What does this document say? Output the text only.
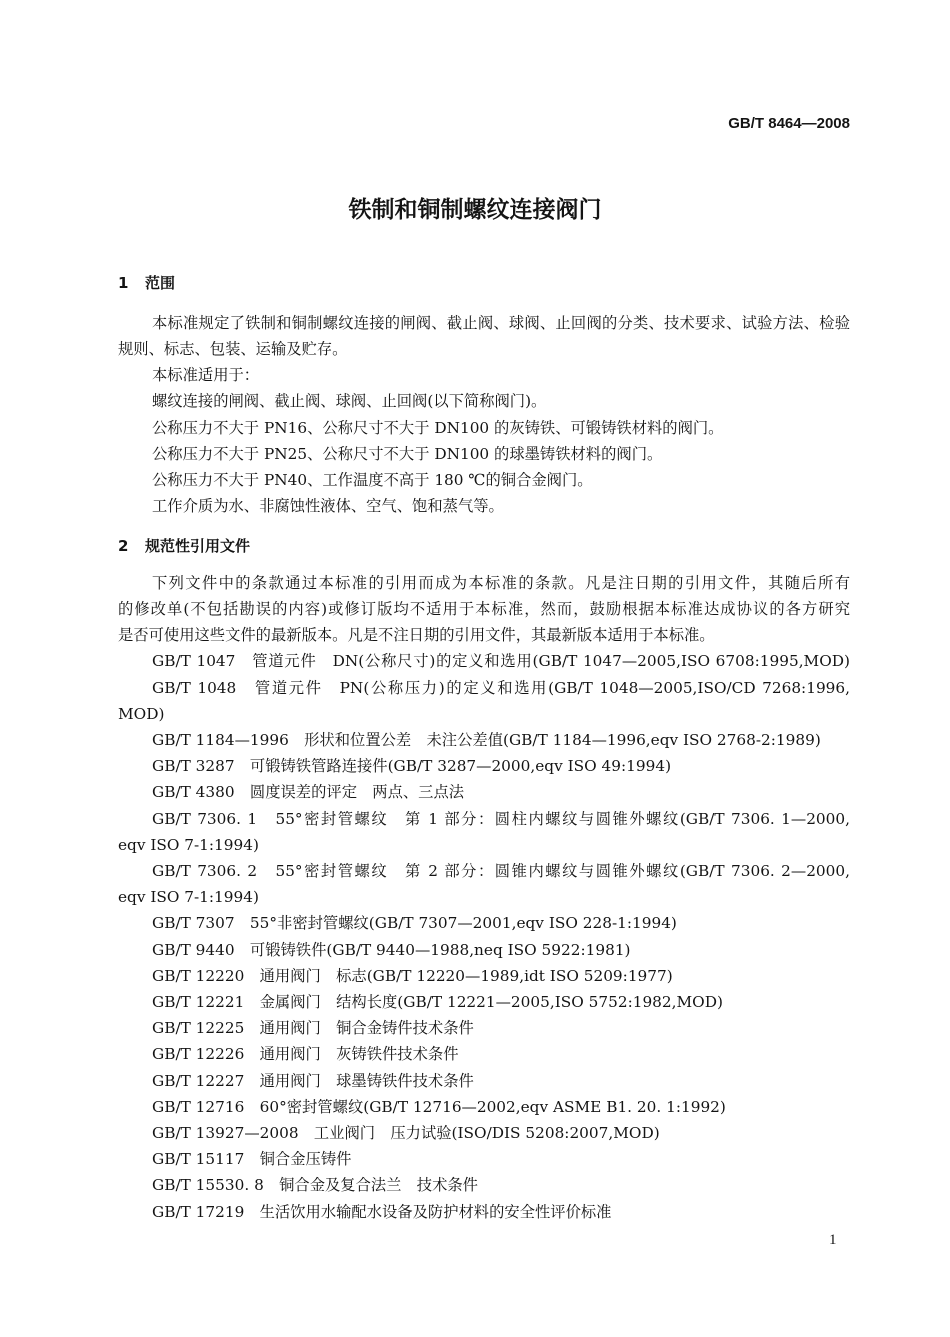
GB/T 8464—2008
铁制和铜制螺纹连接阀门
1 范围
本标准规定了铁制和铜制螺纹连接的闸阀、截止阀、球阀、止回阀的分类、技术要求、试验方法、检验
规则、标志、包装、运输及贮存。
本标准适用于：
螺纹连接的闸阀、截止阀、球阀、止回阀(以下简称阀门)。
公称压力不大于 PN16、公称尺寸不大于 DN100 的灰铸铁、可锻铸铁材料的阀门。
公称压力不大于 PN25、公称尺寸不大于 DN100 的球墨铸铁材料的阀门。
公称压力不大于 PN40、工作温度不高于 180 ℃的铜合金阀门。
工作介质为水、非腐蚀性液体、空气、饱和蒸气等。
2 规范性引用文件
下列文件中的条款通过本标准的引用而成为本标准的条款。凡是注日期的引用文件，其随后所有
的修改单(不包括勘误的内容)或修订版均不适用于本标准，然而，鼓励根据本标准达成协议的各方研究
是否可使用这些文件的最新版本。凡是不注日期的引用文件，其最新版本适用于本标准。
GB/T 1047　管道元件　DN(公称尺寸)的定义和选用(GB/T 1047—2005,ISO 6708:1995,MOD)
GB/T 1048　管道元件　PN(公称压力)的定义和选用(GB/T 1048—2005,ISO/CD 7268:1996,
MOD)
GB/T 1184—1996　形状和位置公差　未注公差值(GB/T 1184—1996,eqv ISO 2768-2:1989)
GB/T 3287　可锻铸铁管路连接件(GB/T 3287—2000,eqv ISO 49:1994)
GB/T 4380　圆度误差的评定　两点、三点法
GB/T 7306. 1　55°密封管螺纹　第 1 部分：圆柱内螺纹与圆锥外螺纹(GB/T 7306. 1—2000,
eqv ISO 7-1:1994)
GB/T 7306. 2　55°密封管螺纹　第 2 部分：圆锥内螺纹与圆锥外螺纹(GB/T 7306. 2—2000,
eqv ISO 7-1:1994)
GB/T 7307　55°非密封管螺纹(GB/T 7307—2001,eqv ISO 228-1:1994)
GB/T 9440　可锻铸铁件(GB/T 9440—1988,neq ISO 5922:1981)
GB/T 12220　通用阀门　标志(GB/T 12220—1989,idt ISO 5209:1977)
GB/T 12221　金属阀门　结构长度(GB/T 12221—2005,ISO 5752:1982,MOD)
GB/T 12225　通用阀门　铜合金铸件技术条件
GB/T 12226　通用阀门　灰铸铁件技术条件
GB/T 12227　通用阀门　球墨铸铁件技术条件
GB/T 12716　60°密封管螺纹(GB/T 12716—2002,eqv ASME B1. 20. 1:1992)
GB/T 13927—2008　工业阀门　压力试验(ISO/DIS 5208:2007,MOD)
GB/T 15117　铜合金压铸件
GB/T 15530. 8　铜合金及复合法兰　技术条件
GB/T 17219　生活饮用水输配水设备及防护材料的安全性评价标准
1
